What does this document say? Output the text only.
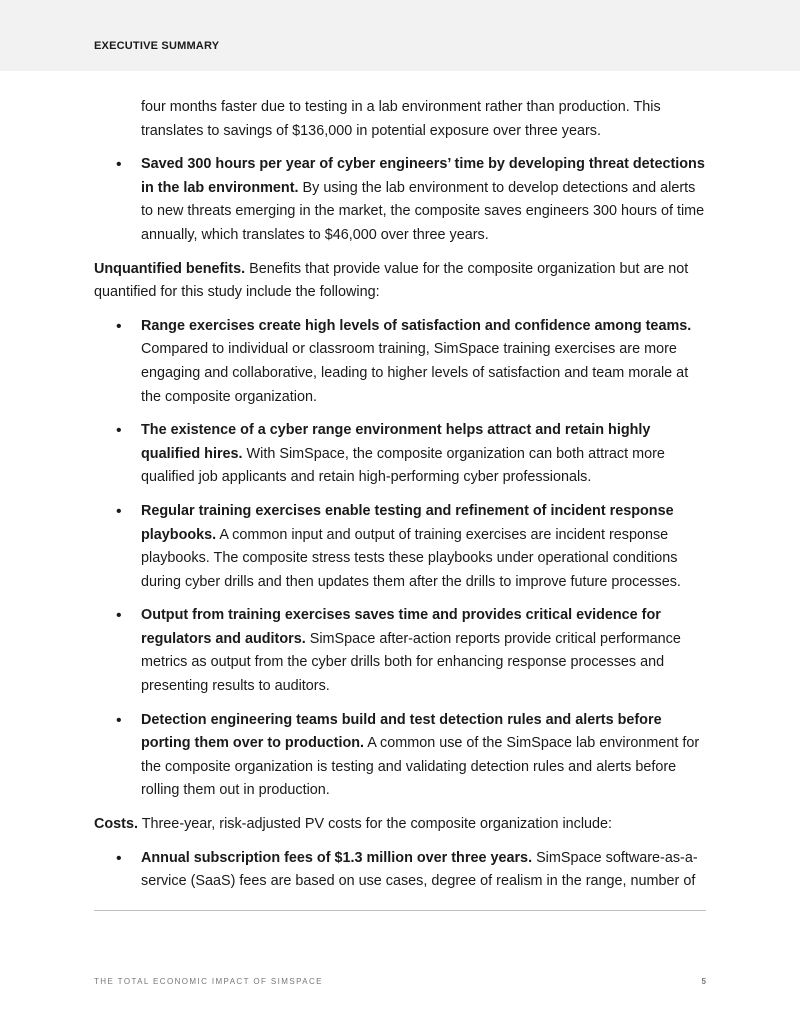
EXECUTIVE SUMMARY

four months faster due to testing in a lab environment rather than production. This translates to savings of $136,000 in potential exposure over three years.

• Saved 300 hours per year of cyber engineers’ time by developing threat detections in the lab environment. By using the lab environment to develop detections and alerts to new threats emerging in the market, the composite saves engineers 300 hours of time annually, which translates to $46,000 over three years.

Unquantified benefits. Benefits that provide value for the composite organization but are not quantified for this study include the following:

• Range exercises create high levels of satisfaction and confidence among teams. Compared to individual or classroom training, SimSpace training exercises are more engaging and collaborative, leading to higher levels of satisfaction and team morale at the composite organization.
• The existence of a cyber range environment helps attract and retain highly qualified hires. With SimSpace, the composite organization can both attract more qualified job applicants and retain high-performing cyber professionals.
• Regular training exercises enable testing and refinement of incident response playbooks. A common input and output of training exercises are incident response playbooks. The composite stress tests these playbooks under operational conditions during cyber drills and then updates them after the drills to improve future processes.
• Output from training exercises saves time and provides critical evidence for regulators and auditors. SimSpace after-action reports provide critical performance metrics as output from the cyber drills both for enhancing response processes and presenting results to auditors.
• Detection engineering teams build and test detection rules and alerts before porting them over to production. A common use of the SimSpace lab environment for the composite organization is testing and validating detection rules and alerts before rolling them out in production.

Costs. Three-year, risk-adjusted PV costs for the composite organization include:

• Annual subscription fees of $1.3 million over three years. SimSpace software-as-a-service (SaaS) fees are based on use cases, degree of realism in the range, number of
THE TOTAL ECONOMIC IMPACT OF SIMSPACE	5
